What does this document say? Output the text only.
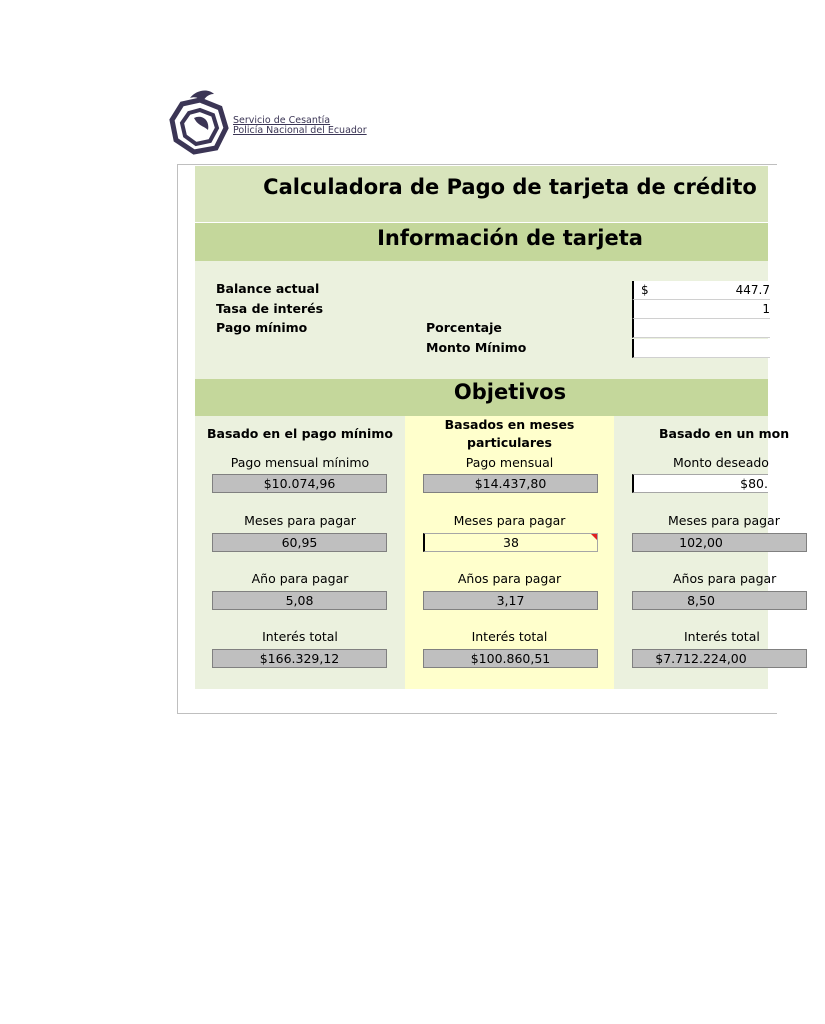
Servicio de Cesantía
Policía Nacional del Ecuador
Calculadora de Pago de tarjeta de crédito
Información de tarjeta
Balance actual
Tasa de interés
Pago mínimo	Porcentaje
Monto Mínimo
$	447.7
1
Objetivos
Basado en el pago mínimo
Pago mensual mínimo
$10.074,96
Meses para pagar
60,95
Año para pagar
5,08
Interés total
$166.329,12
Basados en meses
particulares
Pago mensual
$14.437,80
Meses para pagar
38
Años para pagar
3,17
Interés total
$100.860,51
Basado en un mon
Monto deseado
$80.
Meses para pagar
102,00
Años para pagar
8,50
Interés total
$7.712.224,00
